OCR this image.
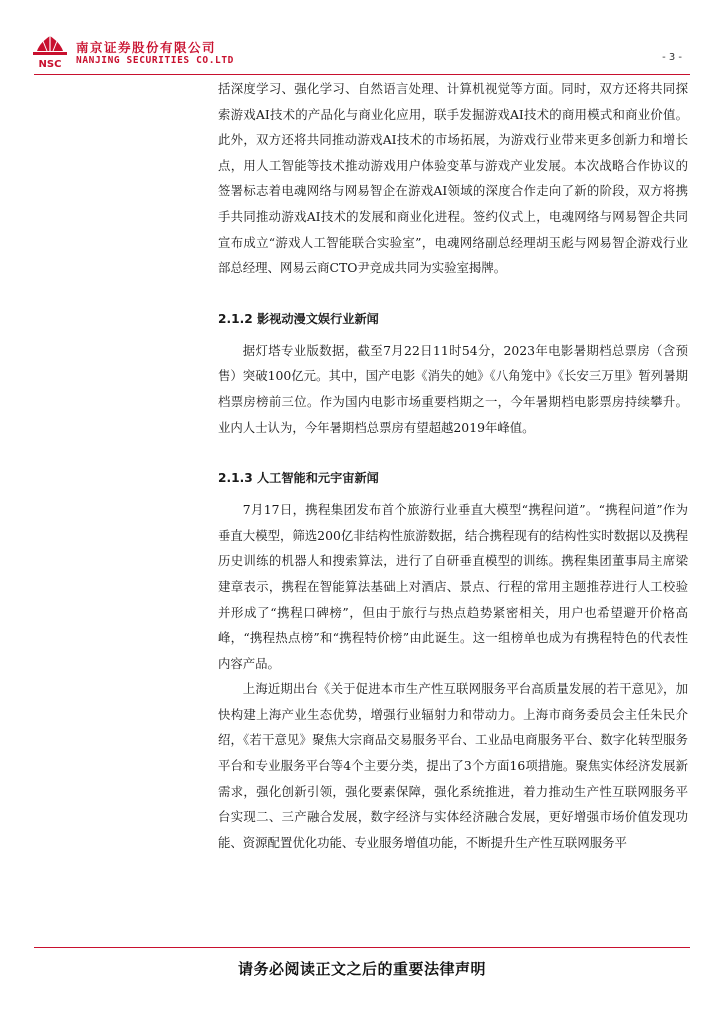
NSC
南京证券股份有限公司
NANJING SECURITIES CO.LTD	- 3 -

括深度学习、强化学习、自然语言处理、计算机视觉等方面。同时，双方还将共同探索游戏AI技术的产品化与商业化应用，联手发掘游戏AI技术的商用模式和商业价值。此外，双方还将共同推动游戏AI技术的市场拓展，为游戏行业带来更多创新力和增长点，用人工智能等技术推动游戏用户体验变革与游戏产业发展。本次战略合作协议的签署标志着电魂网络与网易智企在游戏AI领域的深度合作走向了新的阶段，双方将携手共同推动游戏AI技术的发展和商业化进程。签约仪式上，电魂网络与网易智企共同宣布成立“游戏人工智能联合实验室”，电魂网络副总经理胡玉彪与网易智企游戏行业部总经理、网易云商CTO尹竞成共同为实验室揭牌。

2.1.2 影视动漫文娱行业新闻

据灯塔专业版数据，截至7月22日11时54分，2023年电影暑期档总票房（含预售）突破100亿元。其中，国产电影《消失的她》《八角笼中》《长安三万里》暂列暑期档票房榜前三位。作为国内电影市场重要档期之一，今年暑期档电影票房持续攀升。业内人士认为，今年暑期档总票房有望超越2019年峰值。

2.1.3 人工智能和元宇宙新闻

7月17日，携程集团发布首个旅游行业垂直大模型“携程问道”。“携程问道”作为垂直大模型，筛选200亿非结构性旅游数据，结合携程现有的结构性实时数据以及携程历史训练的机器人和搜索算法，进行了自研垂直模型的训练。携程集团董事局主席梁建章表示，携程在智能算法基础上对酒店、景点、行程的常用主题推荐进行人工校验并形成了“携程口碑榜”，但由于旅行与热点趋势紧密相关，用户也希望避开价格高峰，“携程热点榜”和“携程特价榜”由此诞生。这一组榜单也成为有携程特色的代表性内容产品。

上海近期出台《关于促进本市生产性互联网服务平台高质量发展的若干意见》，加快构建上海产业生态优势，增强行业辐射力和带动力。上海市商务委员会主任朱民介绍，《若干意见》聚焦大宗商品交易服务平台、工业品电商服务平台、数字化转型服务平台和专业服务平台等4个主要分类，提出了3个方面16项措施。聚焦实体经济发展新需求，强化创新引领，强化要素保障，强化系统推进，着力推动生产性互联网服务平台实现二、三产融合发展，数字经济与实体经济融合发展，更好增强市场价值发现功能、资源配置优化功能、专业服务增值功能，不断提升生产性互联网服务平

请务必阅读正文之后的重要法律声明
